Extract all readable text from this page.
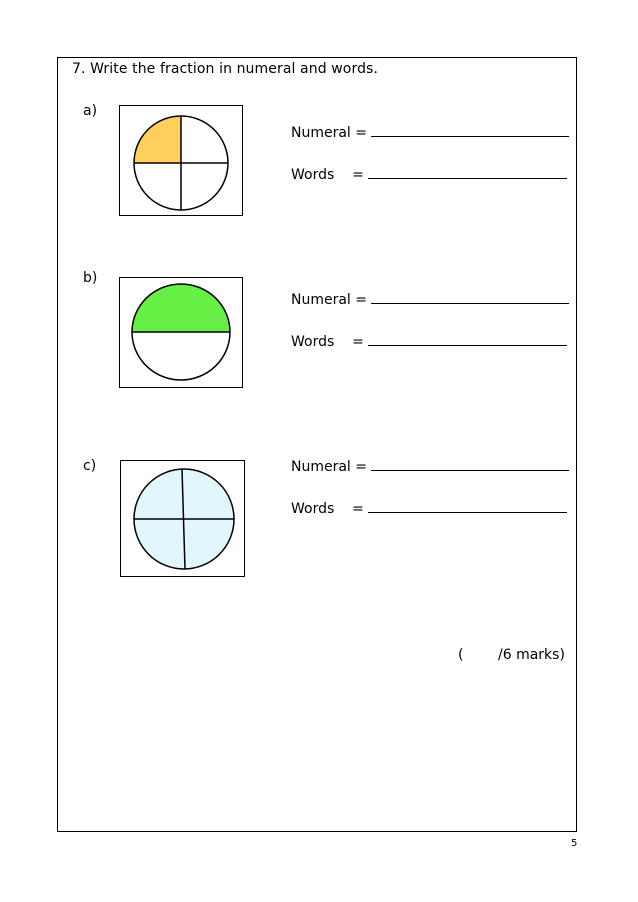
7. Write the fraction in numeral and words.
a)
Numeral =
Words    =
b)
Numeral =
Words    =
c)	Numeral =
Words    =
( /6 marks)
5
